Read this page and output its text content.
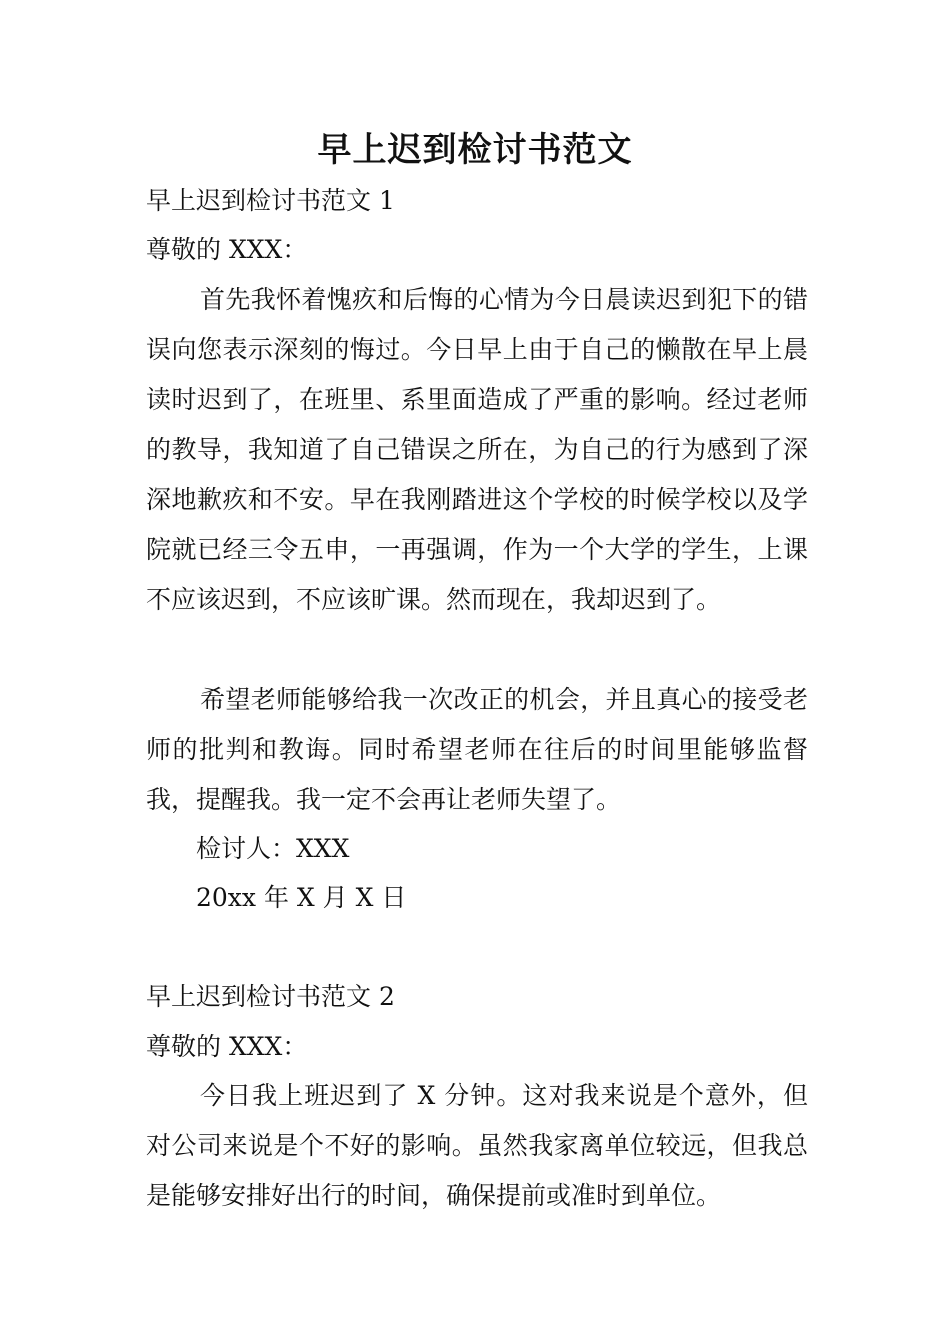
早上迟到检讨书范文
早上迟到检讨书范文 1
尊敬的 XXX：

首先我怀着愧疚和后悔的心情为今日晨读迟到犯下的错误向您表示深刻的悔过。今日早上由于自己的懒散在早上晨读时迟到了，在班里、系里面造成了严重的影响。经过老师的教导，我知道了自己错误之所在，为自己的行为感到了深深地歉疚和不安。早在我刚踏进这个学校的时候学校以及学院就已经三令五申，一再强调，作为一个大学的学生，上课不应该迟到，不应该旷课。然而现在，我却迟到了。

希望老师能够给我一次改正的机会，并且真心的接受老师的批判和教诲。同时希望老师在往后的时间里能够监督我，提醒我。我一定不会再让老师失望了。

检讨人：XXX
20xx 年 X 月 X 日
早上迟到检讨书范文 2
尊敬的 XXX：

今日我上班迟到了 X 分钟。这对我来说是个意外，但对公司来说是个不好的影响。虽然我家离单位较远，但我总是能够安排好出行的时间，确保提前或准时到单位。
